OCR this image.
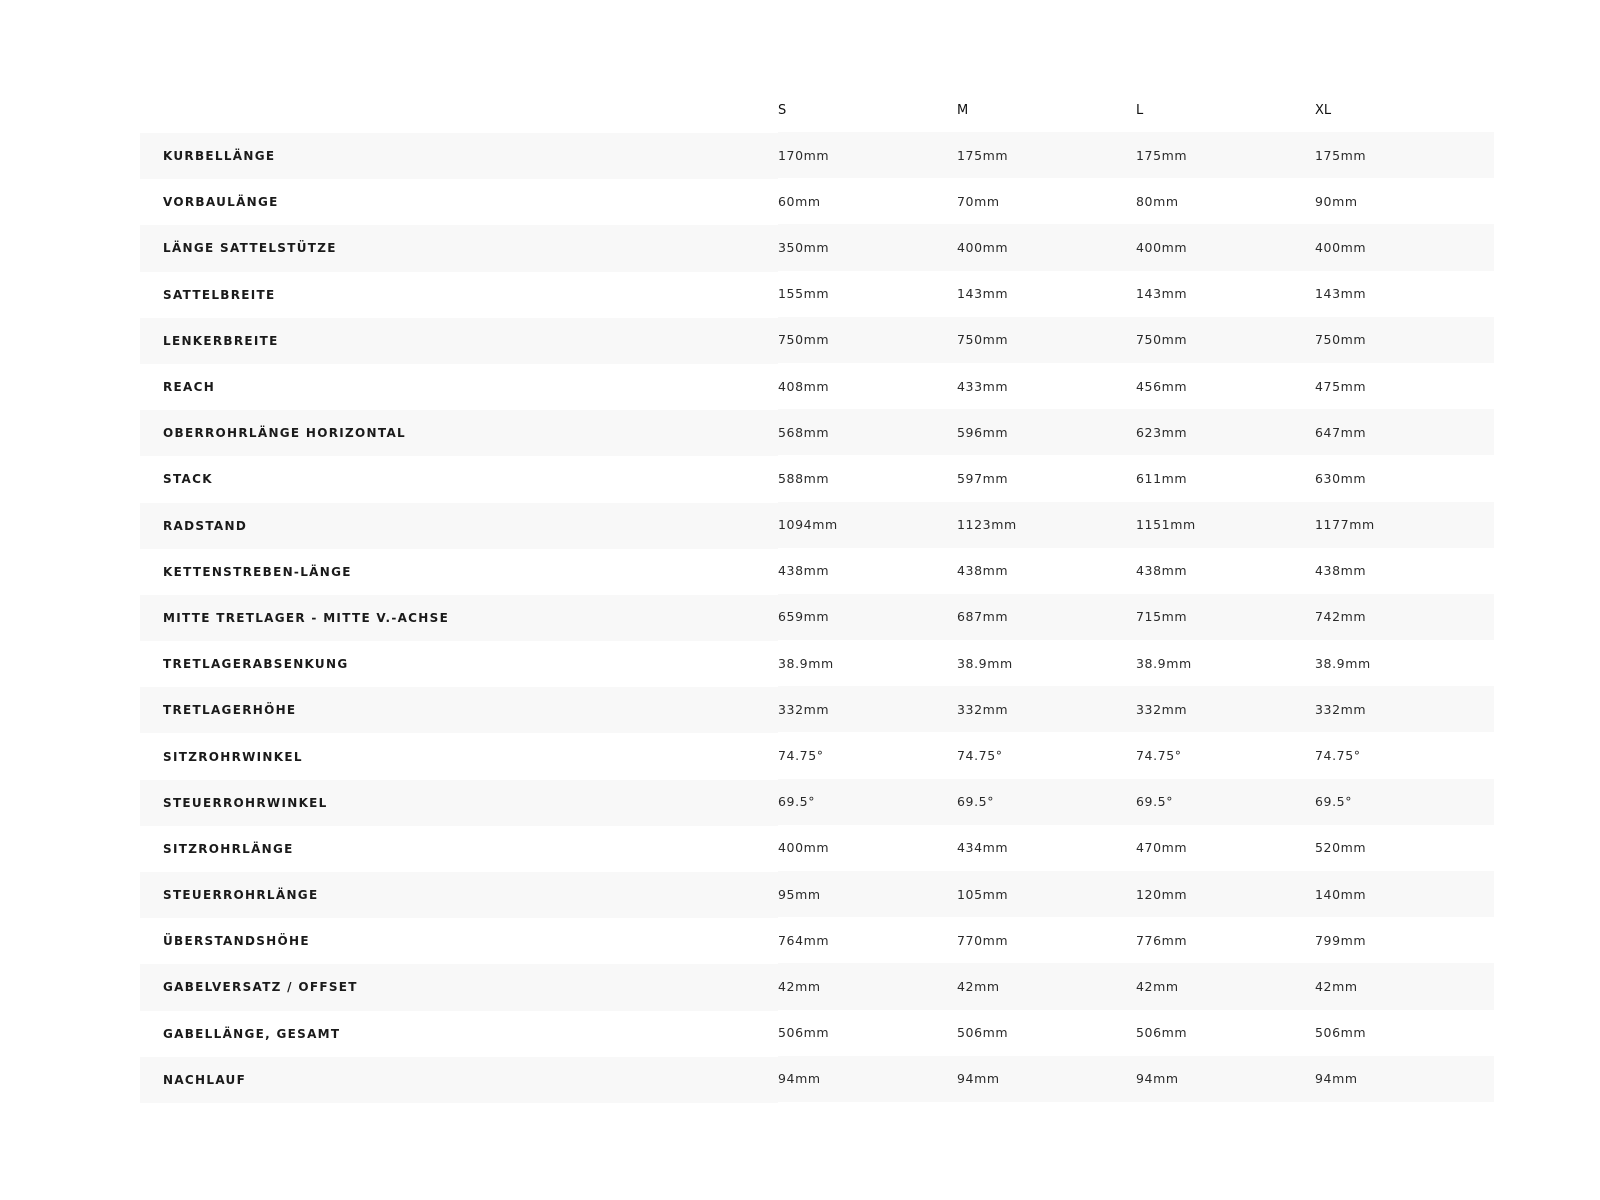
	S	M	L	XL
KURBELLÄNGE	170mm	175mm	175mm	175mm
VORBAULÄNGE	60mm	70mm	80mm	90mm
LÄNGE SATTELSTÜTZE	350mm	400mm	400mm	400mm
SATTELBREITE	155mm	143mm	143mm	143mm
LENKERBREITE	750mm	750mm	750mm	750mm
REACH	408mm	433mm	456mm	475mm
OBERROHRLÄNGE HORIZONTAL	568mm	596mm	623mm	647mm
STACK	588mm	597mm	611mm	630mm
RADSTAND	1094mm	1123mm	1151mm	1177mm
KETTENSTREBEN-LÄNGE	438mm	438mm	438mm	438mm
MITTE TRETLAGER - MITTE V.-ACHSE	659mm	687mm	715mm	742mm
TRETLAGERABSENKUNG	38.9mm	38.9mm	38.9mm	38.9mm
TRETLAGERHÖHE	332mm	332mm	332mm	332mm
SITZROHRWINKEL	74.75°	74.75°	74.75°	74.75°
STEUERROHRWINKEL	69.5°	69.5°	69.5°	69.5°
SITZROHRLÄNGE	400mm	434mm	470mm	520mm
STEUERROHRLÄNGE	95mm	105mm	120mm	140mm
ÜBERSTANDSHÖHE	764mm	770mm	776mm	799mm
GABELVERSATZ / OFFSET	42mm	42mm	42mm	42mm
GABELLÄNGE, GESAMT	506mm	506mm	506mm	506mm
NACHLAUF	94mm	94mm	94mm	94mm
